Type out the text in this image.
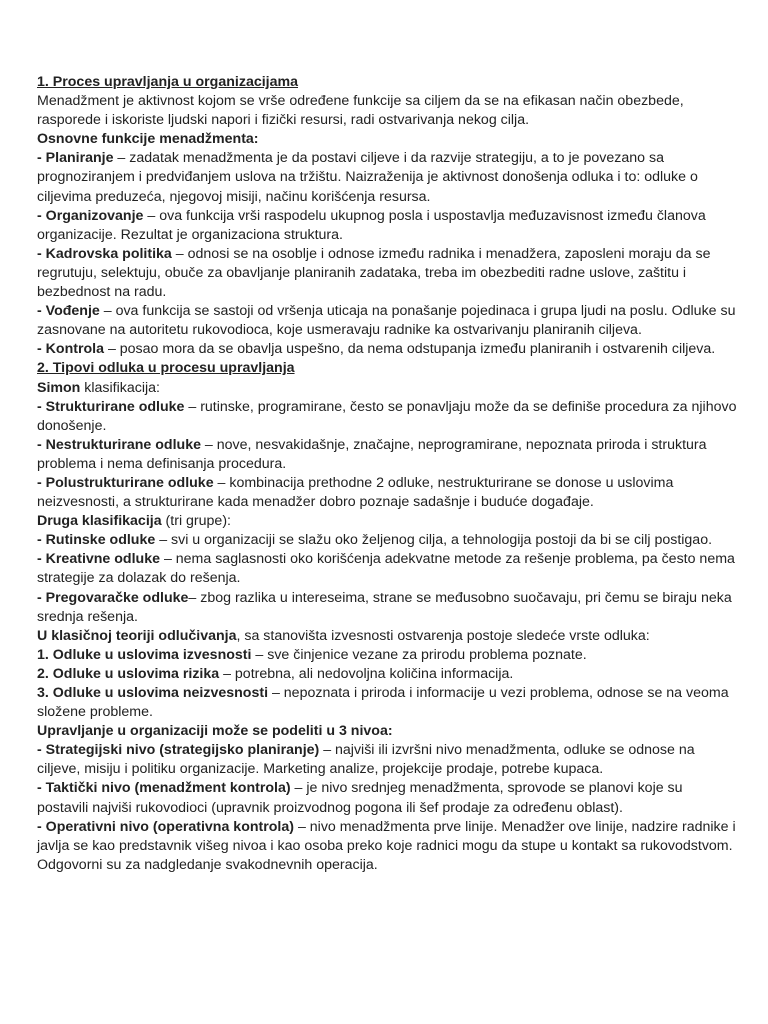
1. Proces upravljanja u organizacijama

Menadžment je aktivnost kojom se vrše određene funkcije sa ciljem da se na efikasan način obezbede, rasporede i iskoriste ljudski napori i fizički resursi, radi ostvarivanja nekog cilja.

Osnovne funkcije menadžmenta:

- Planiranje – zadatak menadžmenta je da postavi ciljeve i da razvije strategiju, a to je povezano sa prognoziranjem i predviđanjem uslova na tržištu. Naizraženija je aktivnost donošenja odluka i to: odluke o ciljevima preduzeća, njegovoj misiji, načinu korišćenja resursa.

- Organizovanje – ova funkcija vrši raspodelu ukupnog posla i uspostavlja međuzavisnost između članova organizacije. Rezultat je organizaciona struktura.

- Kadrovska politika – odnosi se na osoblje i odnose između radnika i menadžera, zaposleni moraju da se regrutuju, selektuju, obuče za obavljanje planiranih zadataka, treba im obezbediti radne uslove, zaštitu i bezbednost na radu.

- Vođenje – ova funkcija se sastoji od vršenja uticaja na ponašanje pojedinaca i grupa ljudi na poslu. Odluke su zasnovane na autoritetu rukovodioca, koje usmeravaju radnike ka ostvarivanju planiranih ciljeva.

- Kontrola – posao mora da se obavlja uspešno, da nema odstupanja između planiranih i ostvarenih ciljeva.

2. Tipovi odluka u procesu upravljanja

Simon klasifikacija:

- Strukturirane odluke – rutinske, programirane, često se ponavljaju može da se definiše procedura za njihovo donošenje.

- Nestrukturirane odluke – nove, nesvakidašnje, značajne, neprogramirane, nepoznata priroda i struktura problema i nema definisanja procedura.

- Polustrukturirane odluke – kombinacija prethodne 2 odluke, nestrukturirane se donose u uslovima neizvesnosti, a strukturirane kada menadžer dobro poznaje sadašnje i buduće događaje.

Druga klasifikacija (tri grupe):

- Rutinske odluke – svi u organizaciji se slažu oko željenog cilja, a tehnologija postoji da bi se cilj postigao.

- Kreativne odluke – nema saglasnosti oko korišćenja adekvatne metode za rešenje problema, pa često nema strategije za dolazak do rešenja.

- Pregovaračke odluke– zbog razlika u intereseima, strane se međusobno suočavaju, pri čemu se biraju neka srednja rešenja.

U klasičnoj teoriji odlučivanja, sa stanovišta izvesnosti ostvarenja postoje sledeće vrste odluka:

1. Odluke u uslovima izvesnosti – sve činjenice vezane za prirodu problema poznate.

2. Odluke u uslovima rizika – potrebna, ali nedovoljna količina informacija.

3. Odluke u uslovima neizvesnosti – nepoznata i priroda i informacije u vezi problema, odnose se na veoma složene probleme.

Upravljanje u organizaciji može se podeliti u 3 nivoa:

- Strategijski nivo (strategijsko planiranje) – najviši ili izvršni nivo menadžmenta, odluke se odnose na ciljeve, misiju i politiku organizacije. Marketing analize, projekcije prodaje, potrebe kupaca.

- Taktički nivo (menadžment kontrola) – je nivo srednjeg menadžmenta, sprovode se planovi koje su postavili najviši rukovodioci (upravnik proizvodnog pogona ili šef prodaje za određenu oblast).

- Operativni nivo (operativna kontrola) – nivo menadžmenta prve linije. Menadžer ove linije, nadzire radnike i javlja se kao predstavnik višeg nivoa i kao osoba preko koje radnici mogu da stupe u kontakt sa rukovodstvom. Odgovorni su za nadgledanje svakodnevnih operacija.
